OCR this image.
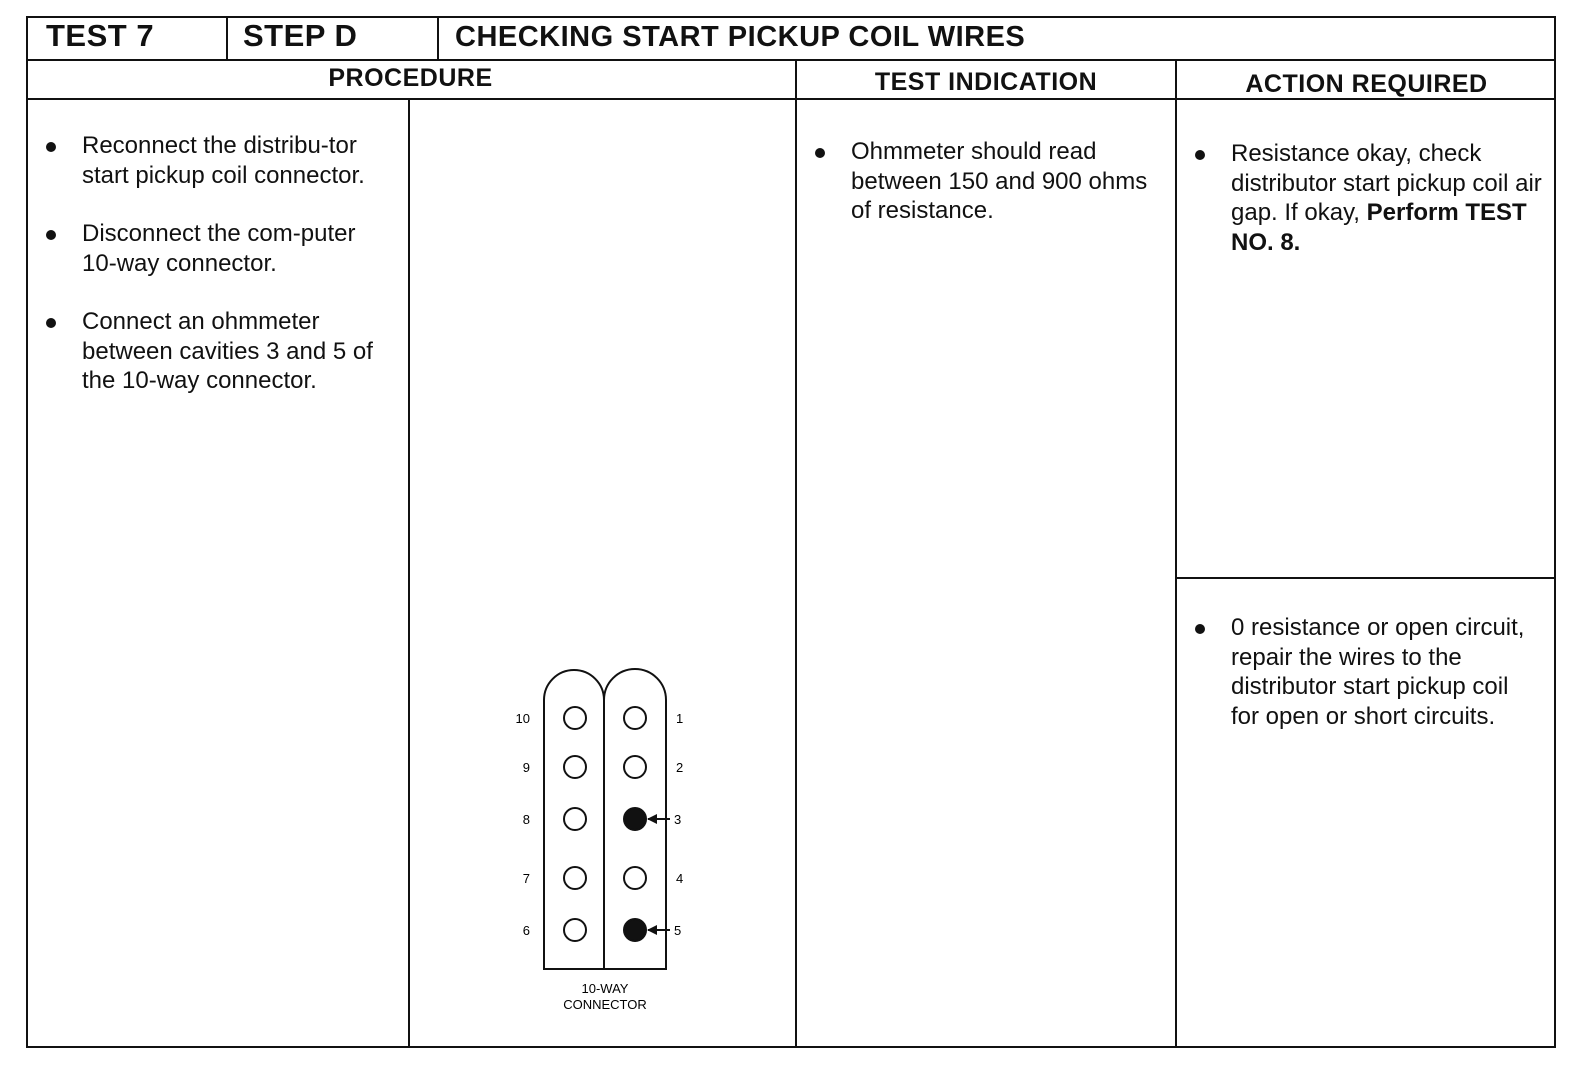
TEST 7	STEP D	CHECKING START PICKUP COIL WIRES
PROCEDURE	TEST INDICATION	ACTION REQUIRED
Reconnect the distribu-tor start pickup coil connector.
Disconnect the com-puter 10-way connector.
Connect an ohmmeter between cavities 3 and 5 of the 10-way connector.
10
9
8
7
6
1
2
3
4
5
10-WAY
CONNECTOR
Ohmmeter should read between 150 and 900 ohms of resistance.
Resistance okay, check distributor start pickup coil air gap. If okay, Perform TEST NO. 8.
0 resistance or open circuit, repair the wires to the distributor start pickup coil for open or short circuits.
